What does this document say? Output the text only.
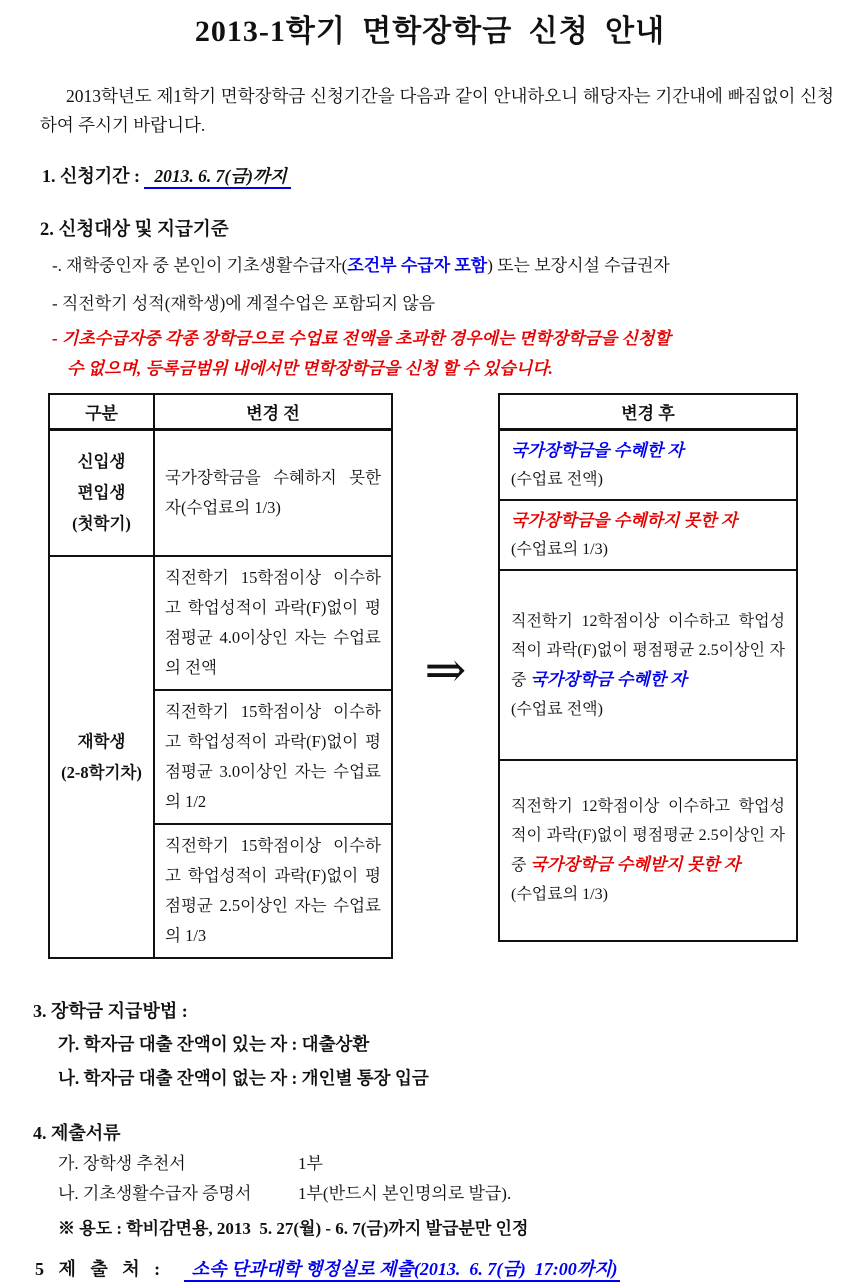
2013-1학기 면학장학금 신청 안내

2013학년도 제1학기 면학장학금 신청기간을 다음과 같이 안내하오니 해당자는 기간내에 빠짐없이 신청하여 주시기 바랍니다.

1. 신청기간 : 2013. 6. 7(금)까지

2. 신청대상 및 지급기준

-. 재학중인자 중 본인이 기초생활수급자(조건부 수급자 포함) 또는 보장시설 수급권자

- 직전학기 성적(재학생)에 계절수업은 포함되지 않음

- 기초수급자중 각종 장학금으로 수업료 전액을 초과한 경우에는 면학장학금을 신청할
수 없으며, 등록금범위 내에서만 면학장학금을 신청 할 수 있습니다.

구분	변경 전

신입생
편입생
(첫학기)	국가장학금을 수혜하지 못한 자(수업료의 1/3)

재학생
(2-8학기차)	직전학기 15학점이상 이수하고 학업성적이 과락(F)없이 평점평균 4.0이상인 자는 수업료의 전액
	직전학기 15학점이상 이수하고 학업성적이 과락(F)없이 평점평균 3.0이상인 자는 수업료의 1/2
	직전학기 15학점이상 이수하고 학업성적이 과락(F)없이 평점평균 2.5이상인 자는 수업료의 1/3
⇒
변경 후

국가장학금을 수혜한 자
(수업료 전액)

국가장학금을 수혜하지 못한 자
(수업료의 1/3)

직전학기 12학점이상 이수하고 학업성적이 과락(F)없이 평점평균 2.5이상인 자 중 국가장학금 수혜한 자
(수업료 전액)

직전학기 12학점이상 이수하고 학업성적이 과락(F)없이 평점평균 2.5이상인 자 중 국가장학금 수혜받지 못한 자
(수업료의 1/3)

3. 장학금 지급방법 :

가. 학자금 대출 잔액이 있는 자 : 대출상환

나. 학자금 대출 잔액이 없는 자 : 개인별 통장 입금

4. 제출서류

가. 장학생 추천서	1부

나. 기초생활수급자 증명서	1부(반드시 본인명의로 발급).

※ 용도 : 학비감면용, 2013  5. 27(월) - 6. 7(금)까지 발급분만 인정

5 제 출 처 : 소속 단과대학 행정실로 제출(2013.  6. 7(금)  17:00까지)
